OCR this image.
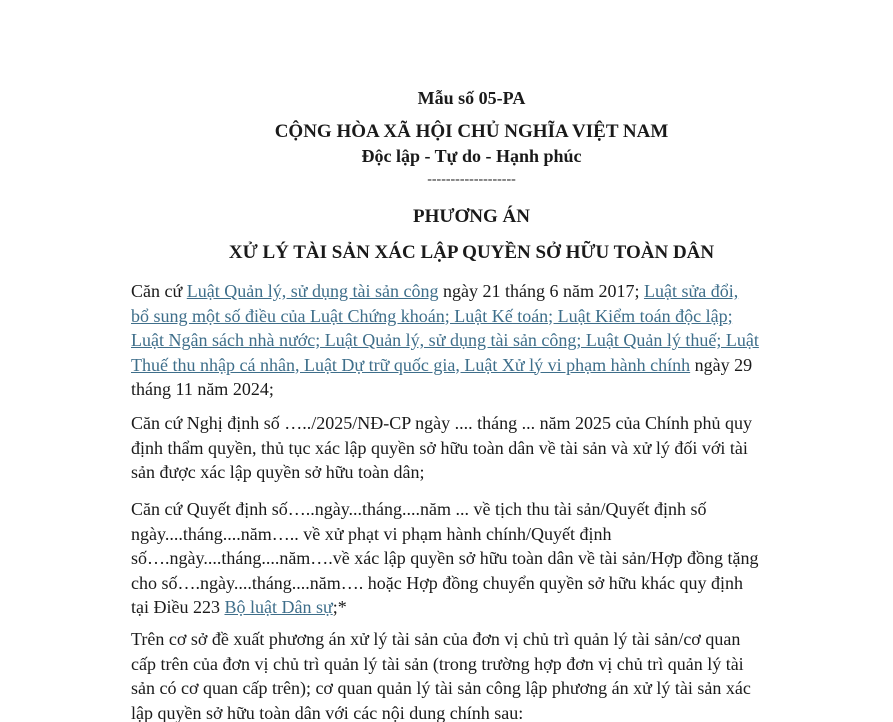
Mẫu số 05-PA
CỘNG HÒA XÃ HỘI CHỦ NGHĨA VIỆT NAM
Độc lập - Tự do - Hạnh phúc
-------------------
PHƯƠNG ÁN
XỬ LÝ TÀI SẢN XÁC LẬP QUYỀN SỞ HỮU TOÀN DÂN
Căn cứ Luật Quản lý, sử dụng tài sản công ngày 21 tháng 6 năm 2017; Luật sửa đổi,
bổ sung một số điều của Luật Chứng khoán; Luật Kế toán; Luật Kiểm toán độc lập;
Luật Ngân sách nhà nước; Luật Quản lý, sử dụng tài sản công; Luật Quản lý thuế; Luật
Thuế thu nhập cá nhân, Luật Dự trữ quốc gia, Luật Xử lý vi phạm hành chính ngày 29
tháng 11 năm 2024;
Căn cứ Nghị định số …../2025/NĐ-CP ngày .... tháng ... năm 2025 của Chính phủ quy
định thẩm quyền, thủ tục xác lập quyền sở hữu toàn dân về tài sản và xử lý đối với tài
sản được xác lập quyền sở hữu toàn dân;
Căn cứ Quyết định số…..ngày...tháng....năm ... về tịch thu tài sản/Quyết định số
ngày....tháng....năm….. về xử phạt vi phạm hành chính/Quyết định
số….ngày....tháng....năm….về xác lập quyền sở hữu toàn dân về tài sản/Hợp đồng tặng
cho số….ngày....tháng....năm…. hoặc Hợp đồng chuyển quyền sở hữu khác quy định
tại Điều 223 Bộ luật Dân sự;*
Trên cơ sở đề xuất phương án xử lý tài sản của đơn vị chủ trì quản lý tài sản/cơ quan
cấp trên của đơn vị chủ trì quản lý tài sản (trong trường hợp đơn vị chủ trì quản lý tài
sản có cơ quan cấp trên); cơ quan quản lý tài sản công lập phương án xử lý tài sản xác
lập quyền sở hữu toàn dân với các nội dung chính sau:
